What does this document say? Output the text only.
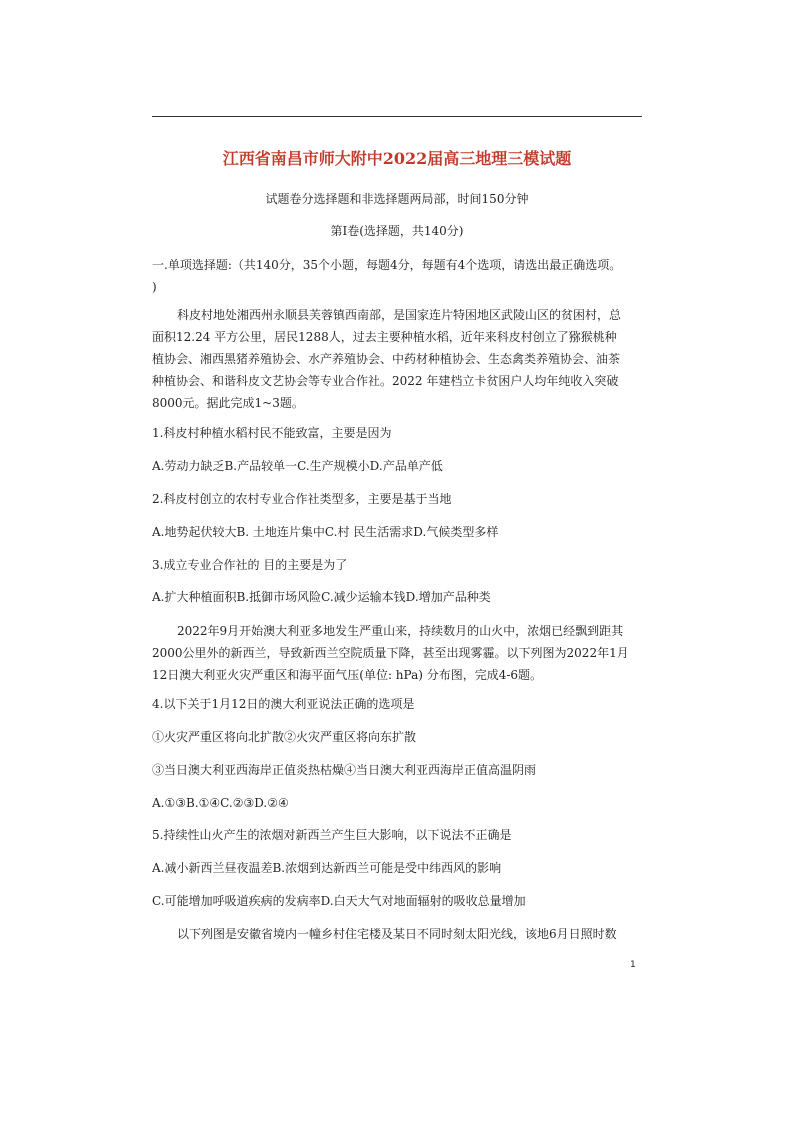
江西省南昌市师大附中2022届高三地理三模试题
试题卷分选择题和非选择题两局部，时间150分钟
第Ⅰ卷(选择题，共140分)
一.单项选择题:（共140分，35个小题，每题4分，每题有4个选项，请选出最正确选项。
)
科皮村地处湘西州永顺县芙蓉镇西南部，是国家连片特困地区武陵山区的贫困村，总
面积12.24 平方公里，居民1288人，过去主要种植水稻，近年来科皮村创立了猕猴桃种
植协会、湘西黑猪养殖协会、水产养殖协会、中药材种植协会、生态禽类养殖协会、油茶
种植协会、和谐科皮文艺协会等专业合作社。2022 年建档立卡贫困户人均年纯收入突破
8000元。据此完成1~3题。
1.科皮村种植水稻村民不能致富，主要是因为
A.劳动力缺乏B.产品较单一C.生产规模小D.产品单产低
2.科皮村创立的农村专业合作社类型多，主要是基于当地
A.地势起伏较大B. 土地连片集中C.村 民生活需求D.气候类型多样
3.成立专业合作社的 目的主要是为了
A.扩大种植面积B.抵御市场风险C.减少运输本钱D.增加产品种类
2022年9月开始澳大利亚多地发生严重山来，持续数月的山火中，浓烟已经飘到距其
2000公里外的新西兰，导致新西兰空院质量下降，甚至出现雾霾。以下列图为2022年1月
12日澳大利亚火灾严重区和海平面气压(单位: hPa) 分布图，完成4-6题。
4.以下关于1月12日的澳大利亚说法正确的选项是
①火灾严重区将向北扩散②火灾严重区将向东扩散
③当日澳大利亚西海岸正值炎热枯燥④当日澳大利亚西海岸正值高温阴雨
A.①③B.①④C.②③D.②④
5.持续性山火产生的浓烟对新西兰产生巨大影响，以下说法不正确是
A.减小新西兰昼夜温差B.浓烟到达新西兰可能是受中纬西风的影响
C.可能增加呼吸道疾病的发病率D.白天大气对地面辐射的吸收总量增加
以下列图是安徽省境内一幢乡村住宅楼及某日不同时刻太阳光线，该地6月日照时数
1
